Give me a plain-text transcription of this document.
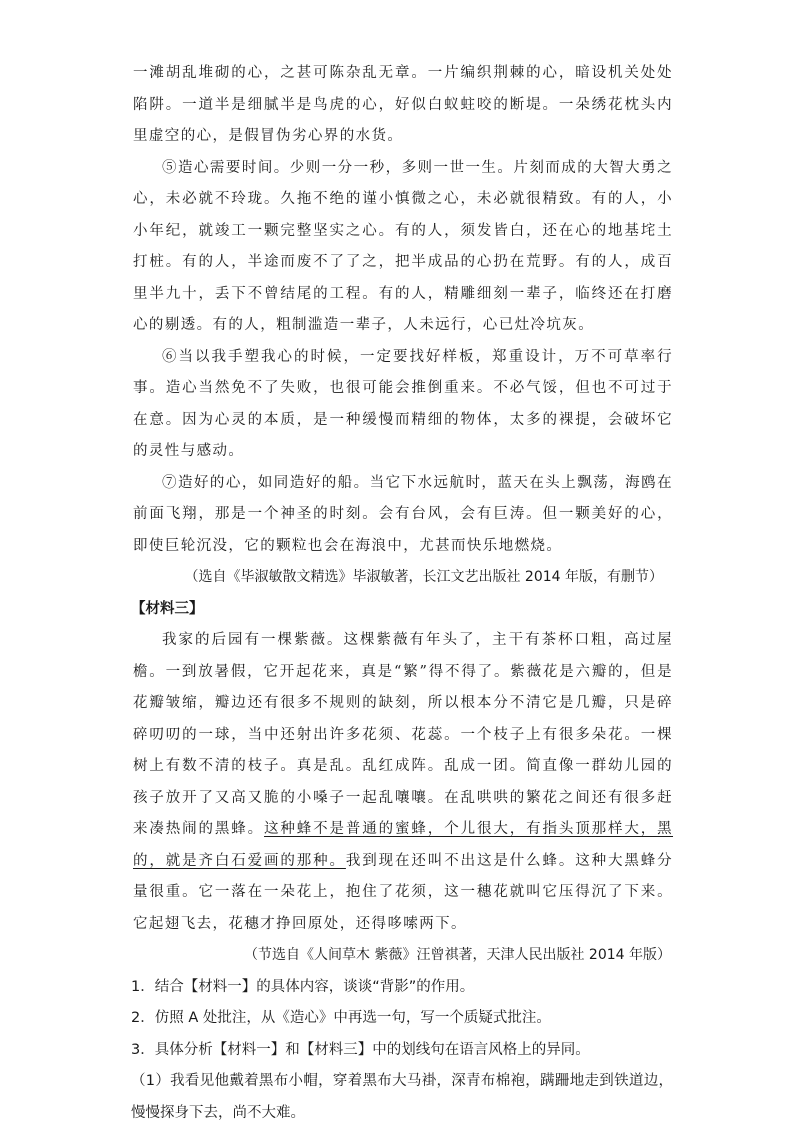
一滩胡乱堆砌的心，之甚可陈杂乱无章。一片编织荆棘的心，暗设机关处处陷阱。一道半是细腻半是鸟虎的心，好似白蚁蛀咬的断堤。一朵绣花枕头内里虚空的心，是假冒伪劣心界的水货。

⑤造心需要时间。少则一分一秒，多则一世一生。片刻而成的大智大勇之心，未必就不玲珑。久拖不绝的谨小慎微之心，未必就很精致。有的人，小小年纪，就竣工一颗完整坚实之心。有的人，须发皆白，还在心的地基垞土打桩。有的人，半途而废不了了之，把半成品的心扔在荒野。有的人，成百里半九十，丢下不曾结尾的工程。有的人，精雕细刻一辈子，临终还在打磨心的剔透。有的人，粗制滥造一辈子，人未远行，心已灶冷坑灰。

⑥当以我手塑我心的时候，一定要找好样板，郑重设计，万不可草率行事。造心当然免不了失败，也很可能会推倒重来。不必气馁，但也不可过于在意。因为心灵的本质，是一种缓慢而精细的物体，太多的裸提，会破坏它的灵性与感动。

⑦造好的心，如同造好的船。当它下水远航时，蓝天在头上飘荡，海鸥在前面飞翔，那是一个神圣的时刻。会有台风，会有巨涛。但一颗美好的心，即使巨轮沉没，它的颗粒也会在海浪中，尤甚而快乐地燃烧。

（选自《毕淑敏散文精选》毕淑敏著，长江文艺出版社 2014 年版，有删节）

【材料三】

我家的后园有一棵紫薇。这棵紫薇有年头了，主干有茶杯口粗，高过屋檐。一到放暑假，它开起花来，真是“繁”得不得了。紫薇花是六瓣的，但是花瓣皱缩，瓣边还有很多不规则的缺刻，所以根本分不清它是几瓣，只是碎碎叨叨的一球，当中还射出许多花须、花蕊。一个枝子上有很多朵花。一棵树上有数不清的枝子。真是乱。乱红成阵。乱成一团。简直像一群幼儿园的孩子放开了又高又脆的小嗓子一起乱嚷嚷。在乱哄哄的繁花之间还有很多赶来凑热闹的黑蜂。这种蜂不是普通的蜜蜂，个儿很大，有指头顶那样大，黑的，就是齐白石爱画的那种。我到现在还叫不出这是什么蜂。这种大黑蜂分量很重。它一落在一朵花上，抱住了花须，这一穗花就叫它压得沉了下来。它起翅飞去，花穗才挣回原处，还得哆嗦两下。

（节选自《人间草木 紫薇》汪曾祺著，天津人民出版社 2014 年版）

1．结合【材料一】的具体内容，谈谈“背影”的作用。

2．仿照 A 处批注，从《造心》中再选一句，写一个质疑式批注。

3．具体分析【材料一】和【材料三】中的划线句在语言风格上的异同。

（1）我看见他戴着黑布小帽，穿着黑布大马褂，深青布棉袍，蹒跚地走到铁道边，慢慢探身下去，尚不大难。
